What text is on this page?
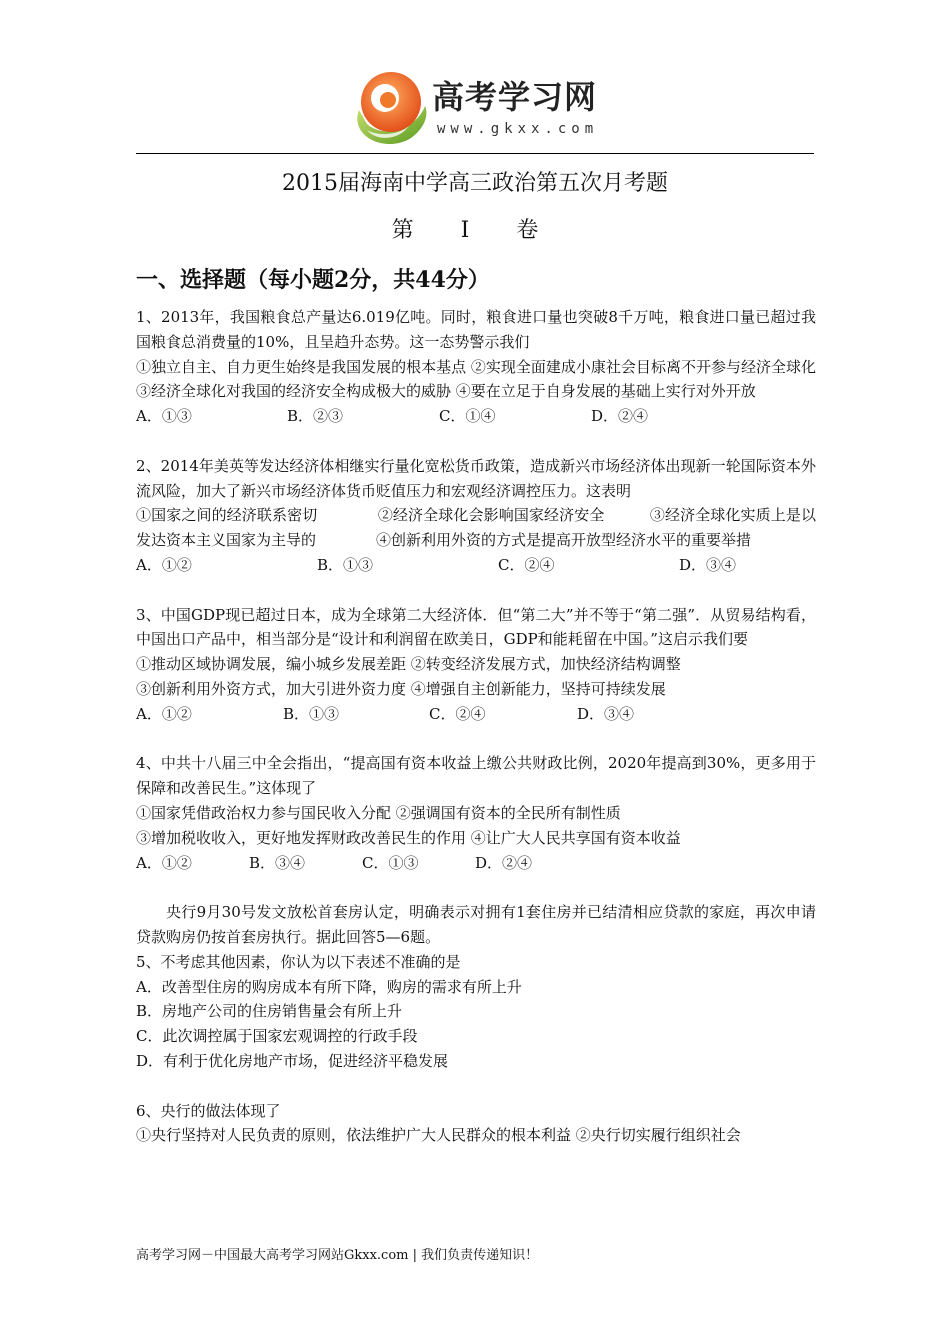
高考学习网
www.gkxx.com
2015届海南中学高三政治第五次月考题
第 Ⅰ 卷
一、选择题（每小题2分，共44分）

1、2013年，我国粮食总产量达6.019亿吨。同时，粮食进口量也突破8千万吨，粮食进口量已超过我国粮食总消费量的10%，且呈趋升态势。这一态势警示我们

①独立自主、自力更生始终是我国发展的根本基点 ②实现全面建成小康社会目标离不开参与经济全球化 ③经济全球化对我国的经济安全构成极大的威胁 ④要在立足于自身发展的基础上实行对外开放

A．①③	B．②③	C．①④	D．②④

2、2014年美英等发达经济体相继实行量化宽松货币政策，造成新兴市场经济体出现新一轮国际资本外流风险，加大了新兴市场经济体货币贬值压力和宏观经济调控压力。这表明

①国家之间的经济联系密切　　　　②经济全球化会影响国家经济安全　　　③经济全球化实质上是以发达资本主义国家为主导的　　　　④创新利用外资的方式是提高开放型经济水平的重要举措

A．①②	B．①③	C．②④	D．③④

3、中国GDP现已超过日本，成为全球第二大经济体．但“第二大”并不等于“第二强”．从贸易结构看，中国出口产品中，相当部分是“设计和利润留在欧美日，GDP和能耗留在中国。”这启示我们要

①推动区域协调发展，编小城乡发展差距 ②转变经济发展方式，加快经济结构调整

③创新利用外资方式，加大引进外资力度 ④增强自主创新能力，坚持可持续发展

A．①②	B．①③	C．②④	D．③④

4、中共十八届三中全会指出，“提高国有资本收益上缴公共财政比例，2020年提高到30%，更多用于保障和改善民生。”这体现了

①国家凭借政治权力参与国民收入分配 ②强调国有资本的全民所有制性质

③增加税收收入，更好地发挥财政改善民生的作用 ④让广大人民共享国有资本收益

A．①②	B．③④	C．①③	D．②④

央行9月30号发文放松首套房认定，明确表示对拥有1套住房并已结清相应贷款的家庭，再次申请贷款购房仍按首套房执行。据此回答5—6题。

5、不考虑其他因素，你认为以下表述不准确的是

A．改善型住房的购房成本有所下降，购房的需求有所上升

B．房地产公司的住房销售量会有所上升

C．此次调控属于国家宏观调控的行政手段

D．有利于优化房地产市场，促进经济平稳发展

6、央行的做法体现了

①央行坚持对人民负责的原则，依法维护广大人民群众的根本利益 ②央行切实履行组织社会

高考学习网－中国最大高考学习网站Gkxx.com | 我们负责传递知识！
